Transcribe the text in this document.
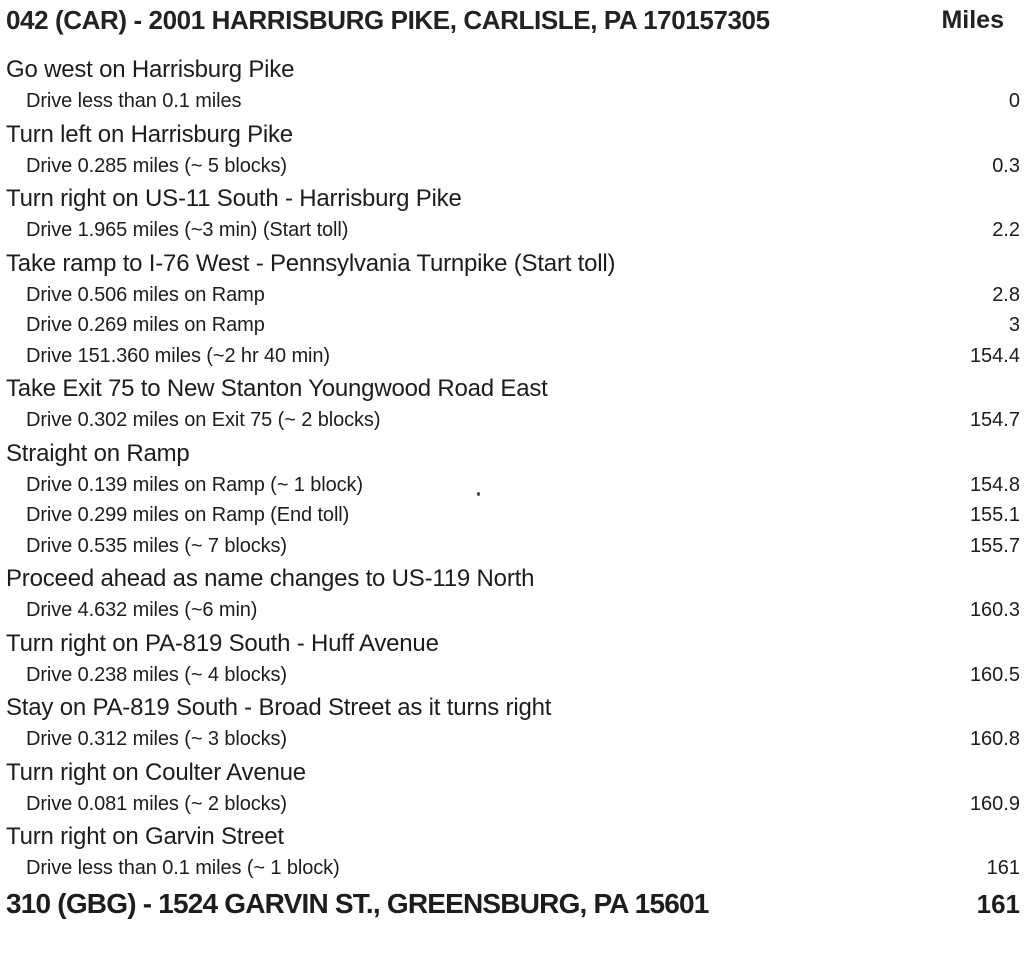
042 (CAR) - 2001 HARRISBURG PIKE, CARLISLE, PA 170157305	Miles
Go west on Harrisburg Pike
Drive less than 0.1 miles	0
Turn left on Harrisburg Pike
Drive 0.285 miles (~ 5 blocks)	0.3
Turn right on US-11 South - Harrisburg Pike
Drive 1.965 miles (~3 min) (Start toll)	2.2
Take ramp to I-76 West - Pennsylvania Turnpike (Start toll)
Drive 0.506 miles on Ramp	2.8
Drive 0.269 miles on Ramp	3
Drive 151.360 miles (~2 hr 40 min)	154.4
Take Exit 75 to New Stanton Youngwood Road East
Drive 0.302 miles on Exit 75 (~ 2 blocks)	154.7
Straight on Ramp
Drive 0.139 miles on Ramp (~ 1 block)	154.8
Drive 0.299 miles on Ramp (End toll)	155.1
Drive 0.535 miles (~ 7 blocks)	155.7
Proceed ahead as name changes to US-119 North
Drive 4.632 miles (~6 min)	160.3
Turn right on PA-819 South - Huff Avenue
Drive 0.238 miles (~ 4 blocks)	160.5
Stay on PA-819 South - Broad Street as it turns right
Drive 0.312 miles (~ 3 blocks)	160.8
Turn right on Coulter Avenue
Drive 0.081 miles (~ 2 blocks)	160.9
Turn right on Garvin Street
Drive less than 0.1 miles (~ 1 block)	161
310 (GBG) - 1524 GARVIN ST., GREENSBURG, PA 15601	161
